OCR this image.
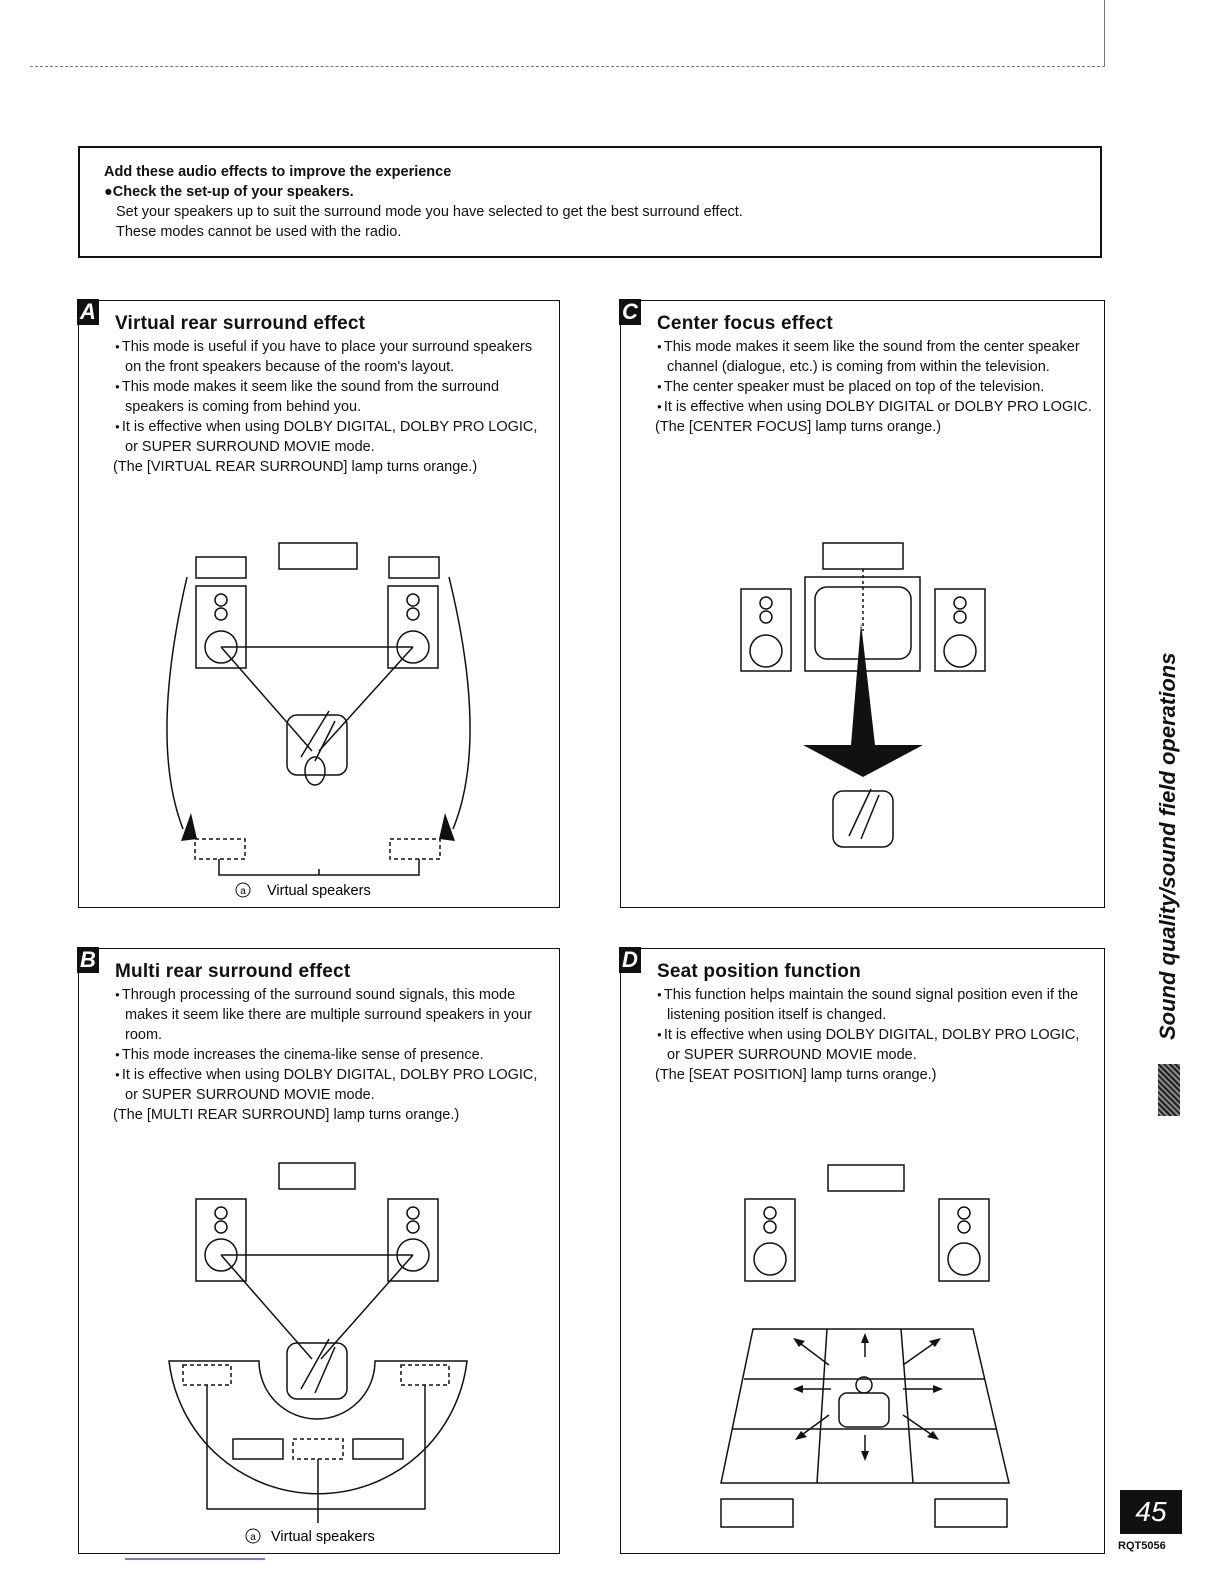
Add these audio effects to improve the experience
●Check the set-up of your speakers.
Set your speakers up to suit the surround mode you have selected to get the best surround effect.
These modes cannot be used with the radio.
A Virtual rear surround effect
● This mode is useful if you have to place your surround speakers on the front speakers because of the room's layout.
● This mode makes it seem like the sound from the surround speakers is coming from behind you.
● It is effective when using DOLBY DIGITAL, DOLBY PRO LOGIC, or SUPER SURROUND MOVIE mode.
(The [VIRTUAL REAR SURROUND] lamp turns orange.)
a Virtual speakers
C Center focus effect
● This mode makes it seem like the sound from the center speaker channel (dialogue, etc.) is coming from within the television.
● The center speaker must be placed on top of the television.
● It is effective when using DOLBY DIGITAL or DOLBY PRO LOGIC.
(The [CENTER FOCUS] lamp turns orange.)
B Multi rear surround effect
● Through processing of the surround sound signals, this mode makes it seem like there are multiple surround speakers in your room.
● This mode increases the cinema-like sense of presence.
● It is effective when using DOLBY DIGITAL, DOLBY PRO LOGIC, or SUPER SURROUND MOVIE mode.
(The [MULTI REAR SURROUND] lamp turns orange.)
a Virtual speakers
D Seat position function
● This function helps maintain the sound signal position even if the listening position itself is changed.
● It is effective when using DOLBY DIGITAL, DOLBY PRO LOGIC, or SUPER SURROUND MOVIE mode.
(The [SEAT POSITION] lamp turns orange.)
Sound quality/sound field operations
45
RQT5056
